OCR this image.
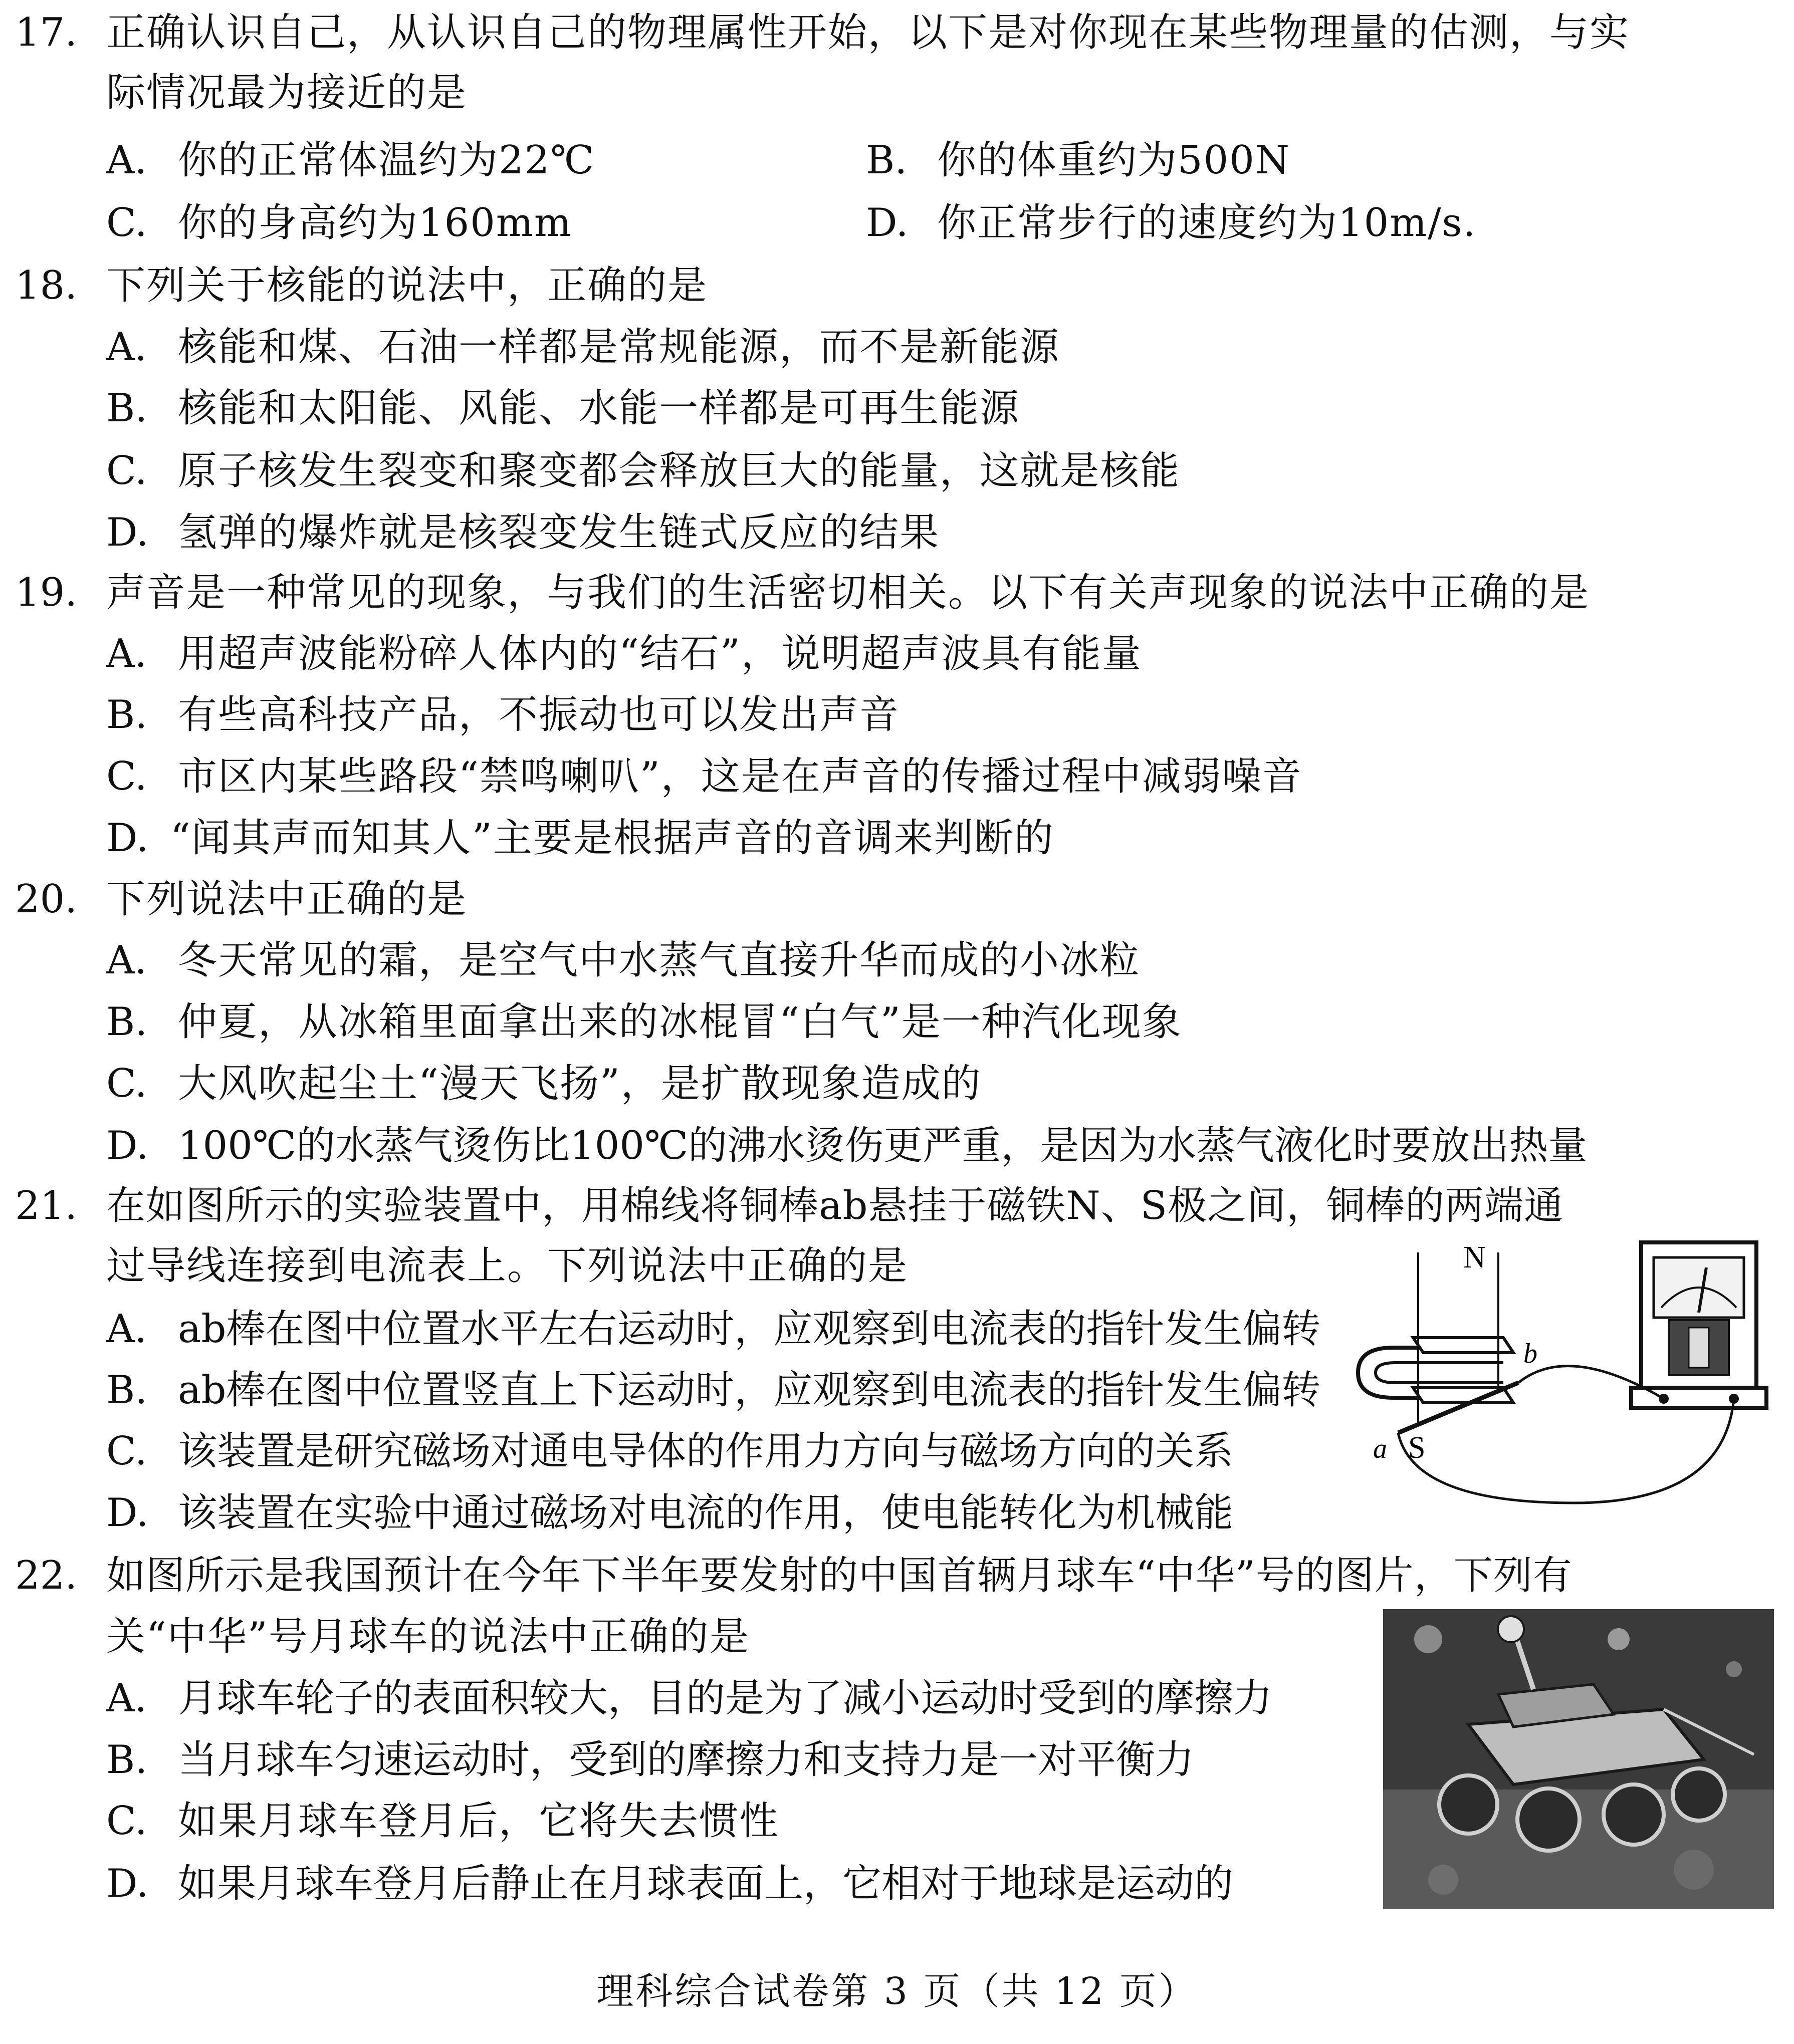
17. 正确认识自己，从认识自己的物理属性开始，以下是对你现在某些物理量的估测，与实
际情况最为接近的是
A. 你的正常体温约为22℃	B. 你的体重约为500N
C. 你的身高约为160mm	D. 你正常步行的速度约为10m/s.
18. 下列关于核能的说法中，正确的是
A. 核能和煤、石油一样都是常规能源，而不是新能源
B. 核能和太阳能、风能、水能一样都是可再生能源
C. 原子核发生裂变和聚变都会释放巨大的能量，这就是核能
D. 氢弹的爆炸就是核裂变发生链式反应的结果
19. 声音是一种常见的现象，与我们的生活密切相关。以下有关声现象的说法中正确的是
A. 用超声波能粉碎人体内的“结石”，说明超声波具有能量
B. 有些高科技产品，不振动也可以发出声音
C. 市区内某些路段“禁鸣喇叭”，这是在声音的传播过程中减弱噪音
D. “闻其声而知其人”主要是根据声音的音调来判断的
20. 下列说法中正确的是
A. 冬天常见的霜，是空气中水蒸气直接升华而成的小冰粒
B. 仲夏，从冰箱里面拿出来的冰棍冒“白气”是一种汽化现象
C. 大风吹起尘土“漫天飞扬”，是扩散现象造成的
D. 100℃的水蒸气烫伤比100℃的沸水烫伤更严重，是因为水蒸气液化时要放出热量
21. 在如图所示的实验装置中，用棉线将铜棒ab悬挂于磁铁N、S极之间，铜棒的两端通
过导线连接到电流表上。下列说法中正确的是
A. ab棒在图中位置水平左右运动时，应观察到电流表的指针发生偏转
B. ab棒在图中位置竖直上下运动时，应观察到电流表的指针发生偏转
C. 该装置是研究磁场对通电导体的作用力方向与磁场方向的关系
D. 该装置在实验中通过磁场对电流的作用，使电能转化为机械能
N
S
a
b
22. 如图所示是我国预计在今年下半年要发射的中国首辆月球车“中华”号的图片，下列有
关“中华”号月球车的说法中正确的是
A. 月球车轮子的表面积较大，目的是为了减小运动时受到的摩擦力
B. 当月球车匀速运动时，受到的摩擦力和支持力是一对平衡力
C. 如果月球车登月后，它将失去惯性
D. 如果月球车登月后静止在月球表面上，它相对于地球是运动的
理科综合试卷第 3 页（共 12 页）
